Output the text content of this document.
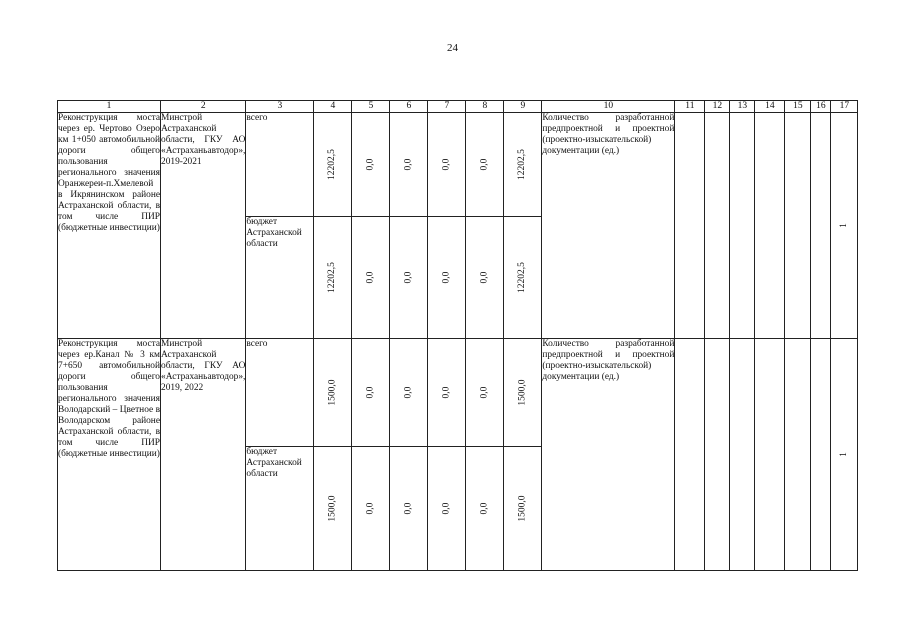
24
1	2	3	4	5	6	7	8	9	10	11	12	13	14	15	16	17
Реконструкция моста через ер. Чертово Озеро км 1+050 автомобильной дороги общего пользования регионального значения Оранжереи-п.Хмелевой в Икрянинском районе Астраханской области, в том числе ПИР (бюджетные инвестиции)	Минстрой Астраханской области, ГКУ АО «Астраханьавтодор», 2019-2021	всего	12202,5	0,0	0,0	0,0	0,0	12202,5	Количество разработанной предпроектной и проектной (проектно-изыскательской) документации (ед.)							1
		бюджет Астраханской области	12202,5	0,0	0,0	0,0	0,0	12202,5								
Реконструкция моста через ер.Канал № 3 км 7+650 автомобильной дороги общего пользования регионального значения Володарский – Цветное в Володарском районе Астраханской области, в том числе ПИР (бюджетные инвестиции)	Минстрой Астраханской области, ГКУ АО «Астраханьавтодор», 2019, 2022	всего	1500,0	0,0	0,0	0,0	0,0	1500,0	Количество разработанной предпроектной и проектной (проектно-изыскательской) документации (ед.)							1
		бюджет Астраханской области	1500,0	0,0	0,0	0,0	0,0	1500,0								
